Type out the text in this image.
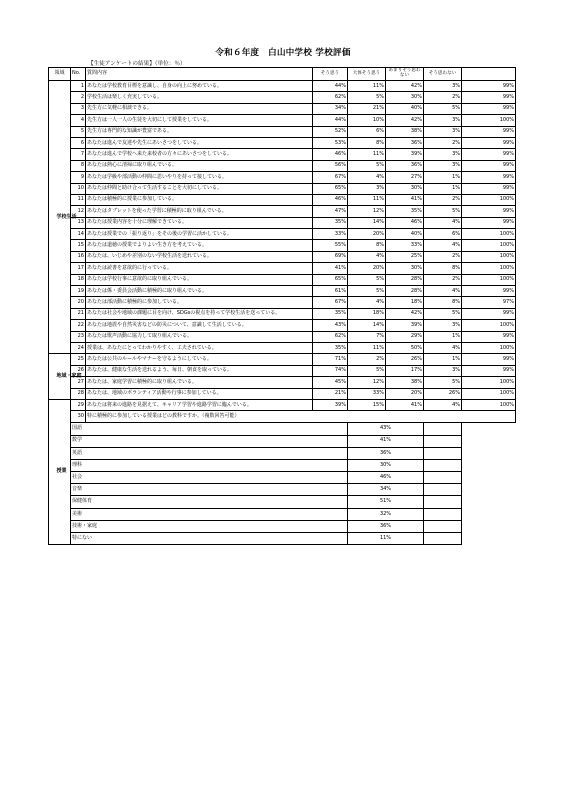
令和６年度　白山中学校 学校評価
【生徒アンケートの結果】（単位：％）
領域	No.	質問内容	そう思う	大体そう思う	あまりそう思わない	そう思わない	
学校生活	1	あなたは学校教育目標を意識し、自身の向上に努めている。	44%	11%	42%	3%	99%
	2	学校生活は楽しく充実している。	62%	5%	30%	2%	99%
	3	先生方に気軽に相談できる。	34%	21%	40%	5%	99%
	4	先生方は一人一人の生徒を大切にして授業をしている。	44%	10%	42%	3%	100%
	5	先生方は専門的な知識が豊富である。	52%	6%	38%	3%	99%
	6	あなたは進んで友達や先生にあいさつをしている。	53%	8%	36%	2%	99%
	7	あなたは進んで学校へ来た来校者の方々にあいさつをしている。	46%	11%	39%	3%	99%
	8	あなたは熱心に清掃に取り組んでいる。	56%	5%	36%	3%	99%
	9	あなたは学級や部活動の仲間に思いやりを持って接している。	67%	4%	27%	1%	99%
	10	あなたは仲間と助け合って生活することを大切にしている。	65%	3%	30%	1%	99%
	11	あなたは積極的に授業に参加している。	46%	11%	41%	2%	100%
	12	あなたはタブレットを使った学習に積極的に取り組んでいる。	47%	12%	35%	5%	99%
	13	あなたは授業内容を十分に理解できている。	35%	14%	46%	4%	99%
	14	あなたは授業での「振り返り」をその後の学習に活かしている。	33%	20%	40%	6%	100%
	15	あなたは道徳の授業でよりよい生き方を考えている。	55%	8%	33%	4%	100%
	16	あなたは、いじめや差別のない学校生活を送れている。	69%	4%	25%	2%	100%
	17	あなたは読書を意欲的に行っている。	41%	20%	30%	8%	100%
	18	あなたは学校行事に意欲的に取り組んでいる。	65%	5%	28%	2%	100%
	19	あなたは係・委員会活動に積極的に取り組んでいる。	61%	5%	28%	4%	99%
	20	あなたは部活動に積極的に参加している。	67%	4%	18%	8%	97%
	21	あなたは社会や地域の課題に目を向け、SDGsの視点を持って学校生活を送っている。	35%	18%	42%	5%	99%
	22	あなたは地震や自然災害などの防災について、意識して生活している。	43%	14%	39%	3%	100%
	23	あなたは歌声活動に協力して取り組んでいる。	62%	7%	29%	1%	99%
	24	授業は、あなたにとってわかりやすく、工夫されている。	35%	11%	50%	4%	100%
地域・家庭	25	あなたは公共のルールやマナーを守るようにしている。	71%	2%	26%	1%	99%
	26	あなたは、健康な生活を送れるよう、毎日、朝食を取っている。	74%	5%	17%	3%	99%
	27	あなたは、家庭学習に積極的に取り組んでいる。	45%	12%	38%	5%	100%
	28	あなたは、地域のボランティア活動や行事に参加している。	21%	33%	20%	26%	100%
授業	29	あなたは将来の進路を見据えて、キャリア学習や進路学習に臨んでいる。	39%	15%	41%	4%	100%
	30	特に積極的に参加している授業はどの教科ですか。（複数回答可能）					
	国語			43%			
	数学			41%			
	英語			36%			
	理科			30%			
	社会			46%			
	音楽			34%			
	保健体育			51%			
	美術			32%			
	技術・家庭			36%			
	特にない			11%			
